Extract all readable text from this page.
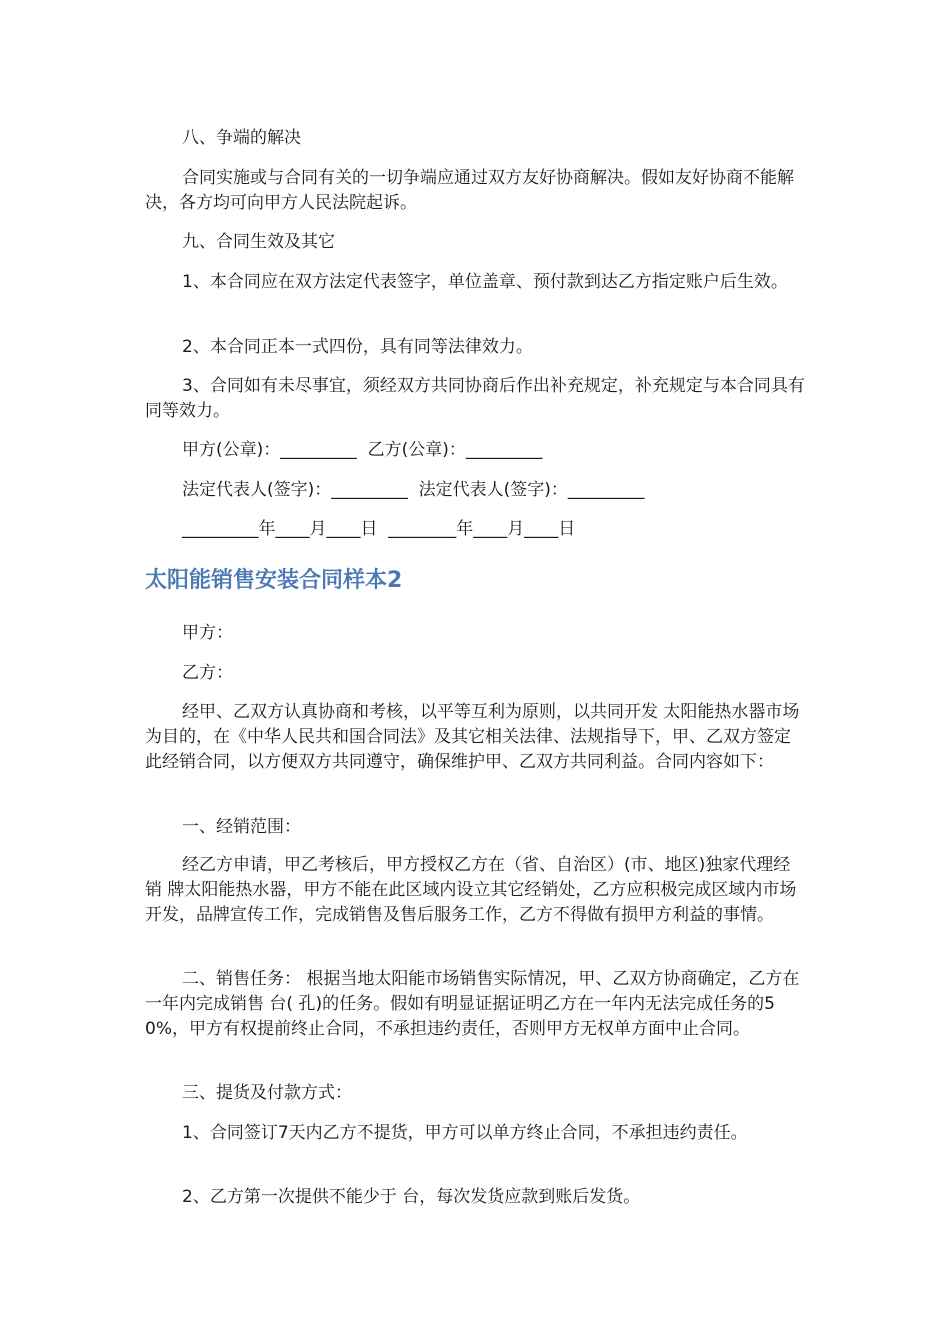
八、争端的解决

合同实施或与合同有关的一切争端应通过双方友好协商解决。假如友好协商不能解决，各方均可向甲方人民法院起诉。

九、合同生效及其它

1、本合同应在双方法定代表签字，单位盖章、预付款到达乙方指定账户后生效。

2、本合同正本一式四份，具有同等法律效力。

3、合同如有未尽事宜，须经双方共同协商后作出补充规定，补充规定与本合同具有同等效力。

甲方(公章)：_________  乙方(公章)：_________

法定代表人(签字)：_________  法定代表人(签字)：_________

_________年____月____日  ________年____月____日

太阳能销售安装合同样本2

甲方：

乙方：

经甲、乙双方认真协商和考核，以平等互利为原则，以共同开发 太阳能热水器市场为目的，在《中华人民共和国合同法》及其它相关法律、法规指导下，甲、乙双方签定此经销合同，以方便双方共同遵守，确保维护甲、乙双方共同利益。合同内容如下：

一、经销范围：

经乙方申请，甲乙考核后，甲方授权乙方在（省、自治区）(市、地区)独家代理经销 牌太阳能热水器，甲方不能在此区域内设立其它经销处，乙方应积极完成区域内市场开发，品牌宣传工作，完成销售及售后服务工作，乙方不得做有损甲方利益的事情。

二、销售任务： 根据当地太阳能市场销售实际情况，甲、乙双方协商确定，乙方在一年内完成销售 台( 孔)的任务。假如有明显证据证明乙方在一年内无法完成任务的50%，甲方有权提前终止合同，不承担违约责任，否则甲方无权单方面中止合同。

三、提货及付款方式：

1、合同签订7天内乙方不提货，甲方可以单方终止合同，不承担违约责任。

2、乙方第一次提供不能少于 台，每次发货应款到账后发货。
